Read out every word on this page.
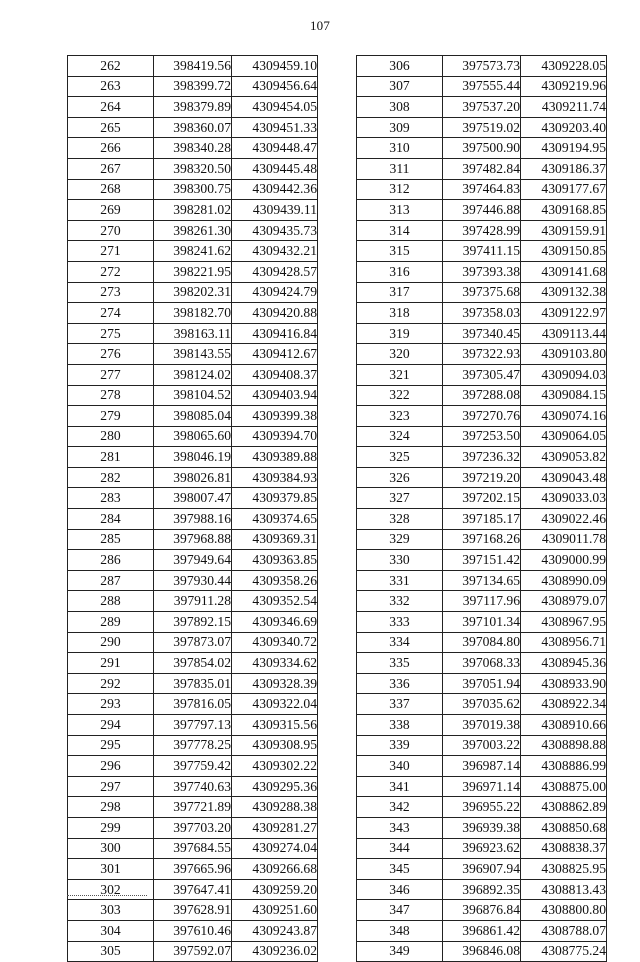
107
262	398419.56	4309459.10
263	398399.72	4309456.64
264	398379.89	4309454.05
265	398360.07	4309451.33
266	398340.28	4309448.47
267	398320.50	4309445.48
268	398300.75	4309442.36
269	398281.02	4309439.11
270	398261.30	4309435.73
271	398241.62	4309432.21
272	398221.95	4309428.57
273	398202.31	4309424.79
274	398182.70	4309420.88
275	398163.11	4309416.84
276	398143.55	4309412.67
277	398124.02	4309408.37
278	398104.52	4309403.94
279	398085.04	4309399.38
280	398065.60	4309394.70
281	398046.19	4309389.88
282	398026.81	4309384.93
283	398007.47	4309379.85
284	397988.16	4309374.65
285	397968.88	4309369.31
286	397949.64	4309363.85
287	397930.44	4309358.26
288	397911.28	4309352.54
289	397892.15	4309346.69
290	397873.07	4309340.72
291	397854.02	4309334.62
292	397835.01	4309328.39
293	397816.05	4309322.04
294	397797.13	4309315.56
295	397778.25	4309308.95
296	397759.42	4309302.22
297	397740.63	4309295.36
298	397721.89	4309288.38
299	397703.20	4309281.27
300	397684.55	4309274.04
301	397665.96	4309266.68
302	397647.41	4309259.20
303	397628.91	4309251.60
304	397610.46	4309243.87
305	397592.07	4309236.02
306	397573.73	4309228.05
307	397555.44	4309219.96
308	397537.20	4309211.74
309	397519.02	4309203.40
310	397500.90	4309194.95
311	397482.84	4309186.37
312	397464.83	4309177.67
313	397446.88	4309168.85
314	397428.99	4309159.91
315	397411.15	4309150.85
316	397393.38	4309141.68
317	397375.68	4309132.38
318	397358.03	4309122.97
319	397340.45	4309113.44
320	397322.93	4309103.80
321	397305.47	4309094.03
322	397288.08	4309084.15
323	397270.76	4309074.16
324	397253.50	4309064.05
325	397236.32	4309053.82
326	397219.20	4309043.48
327	397202.15	4309033.03
328	397185.17	4309022.46
329	397168.26	4309011.78
330	397151.42	4309000.99
331	397134.65	4308990.09
332	397117.96	4308979.07
333	397101.34	4308967.95
334	397084.80	4308956.71
335	397068.33	4308945.36
336	397051.94	4308933.90
337	397035.62	4308922.34
338	397019.38	4308910.66
339	397003.22	4308898.88
340	396987.14	4308886.99
341	396971.14	4308875.00
342	396955.22	4308862.89
343	396939.38	4308850.68
344	396923.62	4308838.37
345	396907.94	4308825.95
346	396892.35	4308813.43
347	396876.84	4308800.80
348	396861.42	4308788.07
349	396846.08	4308775.24
